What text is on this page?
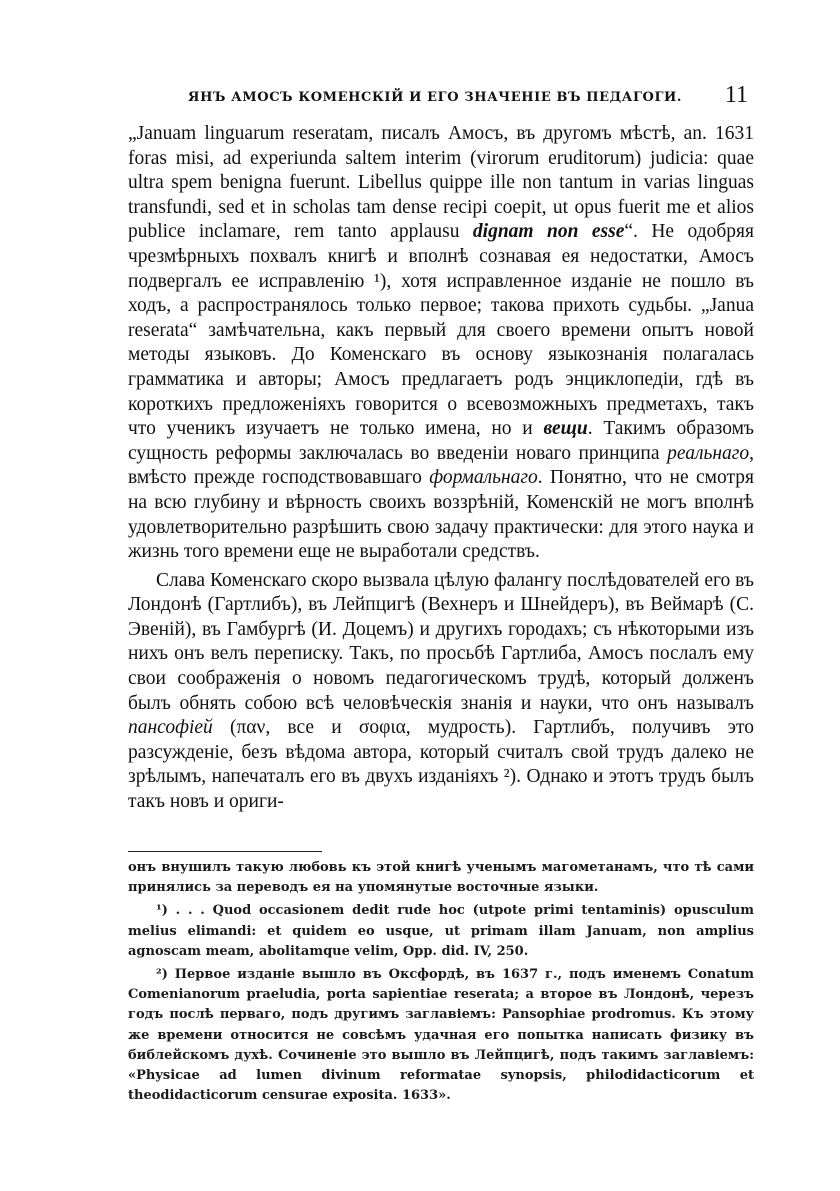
ЯНЪ АМОСЪ КОМЕНСКІЙ И ЕГО ЗНАЧЕНІЕ ВЪ ПЕДАГОГИ. 11

„Januam linguarum reseratam, писалъ Амосъ, въ другомъ мѣстѣ, an. 1631 foras misi, ad experiunda saltem interim (virorum eruditorum) judicia: quae ultra spem benigna fuerunt. Libellus quippe ille non tantum in varias linguas transfundi, sed et in scholas tam dense recipi coepit, ut opus fuerit me et alios publice inclamare, rem tanto applausu dignam non esse“. Не одобряя чрезмѣрныхъ похвалъ книгѣ и вполнѣ сознавая ея недостатки, Амосъ подвергалъ ее исправленію ¹), хотя исправленное изданіе не пошло въ ходъ, а распространялось только первое; такова прихоть судьбы. „Janua reserata“ замѣчательна, какъ первый для своего времени опытъ новой методы языковъ. До Коменскаго въ основу языкознанія полагалась грамматика и авторы; Амосъ предлагаетъ родъ энциклопедіи, гдѣ въ короткихъ предложеніяхъ говорится о всевозможныхъ предметахъ, такъ что ученикъ изучаетъ не только имена, но и вещи. Такимъ образомъ сущность реформы заключалась во введеніи новаго принципа реальнаго, вмѣсто прежде господствовавшаго формальнаго. Понятно, что не смотря на всю глубину и вѣрность своихъ воззрѣній, Коменскій не могъ вполнѣ удовлетворительно разрѣшить свою задачу практически: для этого наука и жизнь того времени еще не выработали средствъ.

Слава Коменскаго скоро вызвала цѣлую фалангу послѣдователей его въ Лондонѣ (Гартлибъ), въ Лейпцигѣ (Вехнеръ и Шнейдеръ), въ Веймарѣ (С. Эвеній), въ Гамбургѣ (И. Доцемъ) и другихъ городахъ; съ нѣкоторыми изъ нихъ онъ велъ переписку. Такъ, по просьбѣ Гартлиба, Амосъ послалъ ему свои соображенія о новомъ педагогическомъ трудѣ, который долженъ былъ обнять собою всѣ человѣческія знанія и науки, что онъ называлъ пансофіей (παν, все и σοφια, мудрость). Гартлибъ, получивъ это разсужденіе, безъ вѣдома автора, который считалъ свой трудъ далеко не зрѣлымъ, напечаталъ его въ двухъ изданіяхъ ²). Однако и этотъ трудъ былъ такъ новъ и ориги-

онъ внушилъ такую любовь къ этой книгѣ ученымъ магометанамъ, что тѣ сами принялись за переводъ ея на упомянутые восточные языки.

¹) . . . Quod occasionem dedit rude hoc (utpote primi tentaminis) opusculum melius elimandi: et quidem eo usque, ut primam illam Januam, non amplius agnoscam meam, abolitamque velim, Opp. did. IV, 250.

²) Первое изданіе вышло въ Оксфордѣ, въ 1637 г., подъ именемъ Conatum Comenianorum praeludia, porta sapientiae reserata; а второе въ Лондонѣ, черезъ годъ послѣ перваго, подъ другимъ заглавіемъ: Pansophiae prodromus. Къ этому же времени относится не совсѣмъ удачная его попытка написать физику въ библейскомъ духѣ. Сочиненіе это вышло въ Лейпцигѣ, подъ такимъ заглавіемъ: «Physicae ad lumen divinum reformatae synopsis, philodidacticorum et theodidacticorum censurae exposita. 1633».
